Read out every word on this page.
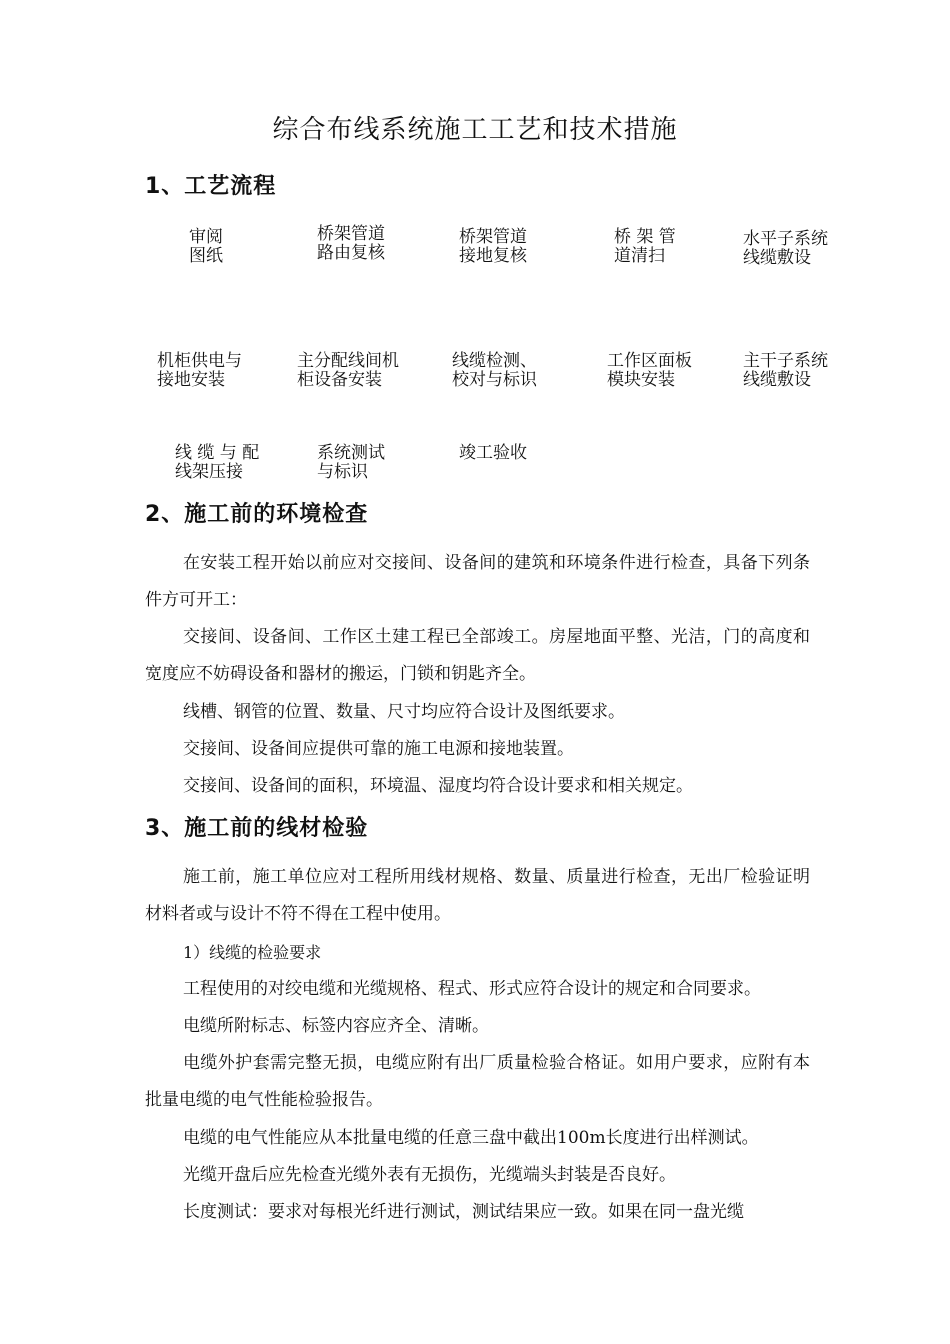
综合布线系统施工工艺和技术措施
1、工艺流程
审阅
图纸
桥架管道
路由复核
桥架管道
接地复核
桥 架 管
道清扫
水平子系统
线缆敷设
机柜供电与
接地安装
主分配线间机
柜设备安装
线缆检测、
校对与标识
工作区面板
模块安装
主干子系统
线缆敷设
线 缆 与 配
线架压接
系统测试
与标识
竣工验收
2、施工前的环境检查

在安装工程开始以前应对交接间、设备间的建筑和环境条件进行检查，具备下列条件方可开工：

交接间、设备间、工作区土建工程已全部竣工。房屋地面平整、光洁，门的高度和宽度应不妨碍设备和器材的搬运，门锁和钥匙齐全。

线槽、钢管的位置、数量、尺寸均应符合设计及图纸要求。

交接间、设备间应提供可靠的施工电源和接地装置。

交接间、设备间的面积，环境温、湿度均符合设计要求和相关规定。

3、施工前的线材检验

施工前，施工单位应对工程所用线材规格、数量、质量进行检查，无出厂检验证明材料者或与设计不符不得在工程中使用。

1）线缆的检验要求

工程使用的对绞电缆和光缆规格、程式、形式应符合设计的规定和合同要求。

电缆所附标志、标签内容应齐全、清晰。

电缆外护套需完整无损，电缆应附有出厂质量检验合格证。如用户要求，应附有本批量电缆的电气性能检验报告。

电缆的电气性能应从本批量电缆的任意三盘中截出100m长度进行出样测试。

光缆开盘后应先检查光缆外表有无损伤，光缆端头封装是否良好。

长度测试：要求对每根光纤进行测试，测试结果应一致。如果在同一盘光缆
